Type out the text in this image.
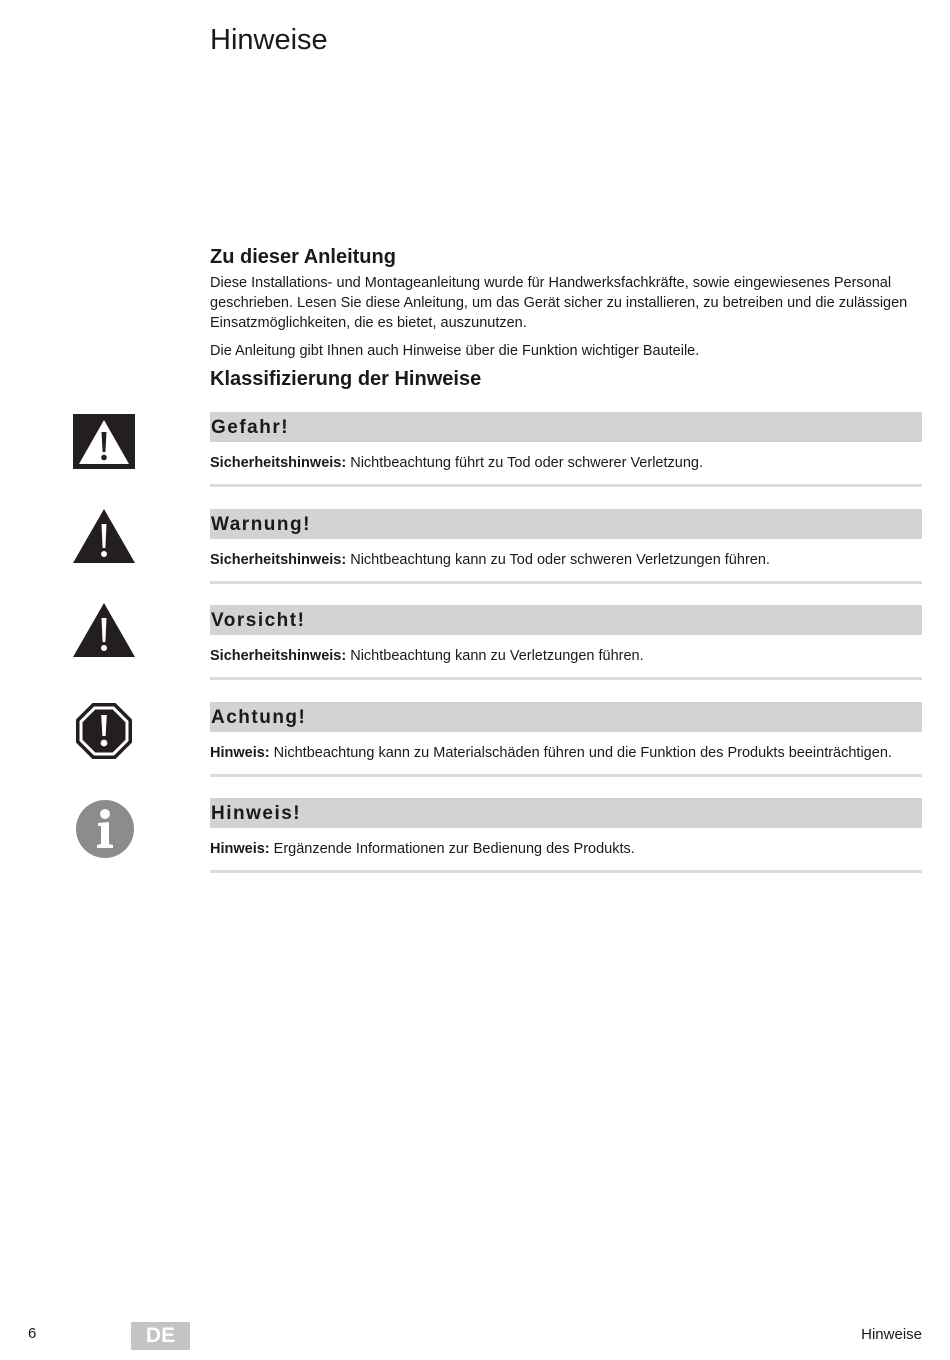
Hinweise
Zu dieser Anleitung

Diese Installations- und Montageanleitung wurde für Handwerksfachkräfte, sowie eingewiesenes Personal geschrieben. Lesen Sie diese Anleitung, um das Gerät sicher zu installieren, zu betreiben und die zulässigen Einsatzmöglichkeiten, die es bietet, auszunutzen.

Die Anleitung gibt Ihnen auch Hinweise über die Funktion wichtiger Bauteile.

Klassifizierung der Hinweise
Gefahr!
Sicherheitshinweis: Nichtbeachtung führt zu Tod oder schwerer Verletzung.
Warnung!
Sicherheitshinweis: Nichtbeachtung kann zu Tod oder schweren Verletzungen führen.
Vorsicht!
Sicherheitshinweis: Nichtbeachtung kann zu Verletzungen führen.
Achtung!
Hinweis: Nichtbeachtung kann zu Materialschäden führen und die Funktion des Produkts beeinträchtigen.
Hinweis!
Hinweis: Ergänzende Informationen zur Bedienung des Produkts.
6	DE	Hinweise
